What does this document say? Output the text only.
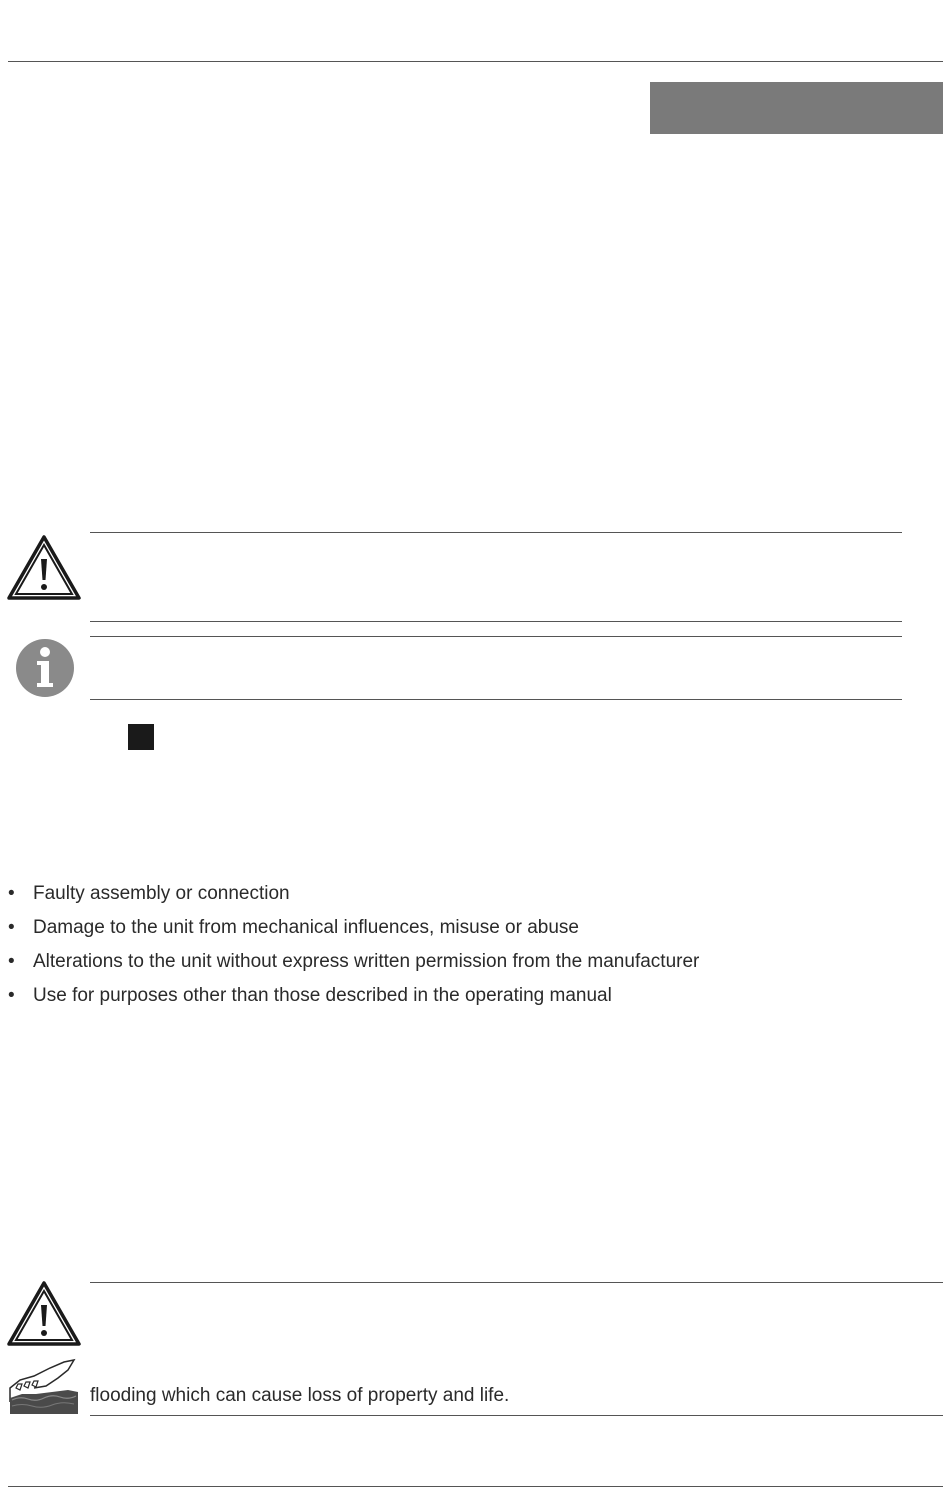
• Faulty assembly or connection
• Damage to the unit from mechanical influences, misuse or abuse
• Alterations to the unit without express written permission from the manufacturer
• Use for purposes other than those described in the operating manual
flooding which can cause loss of property and life.
